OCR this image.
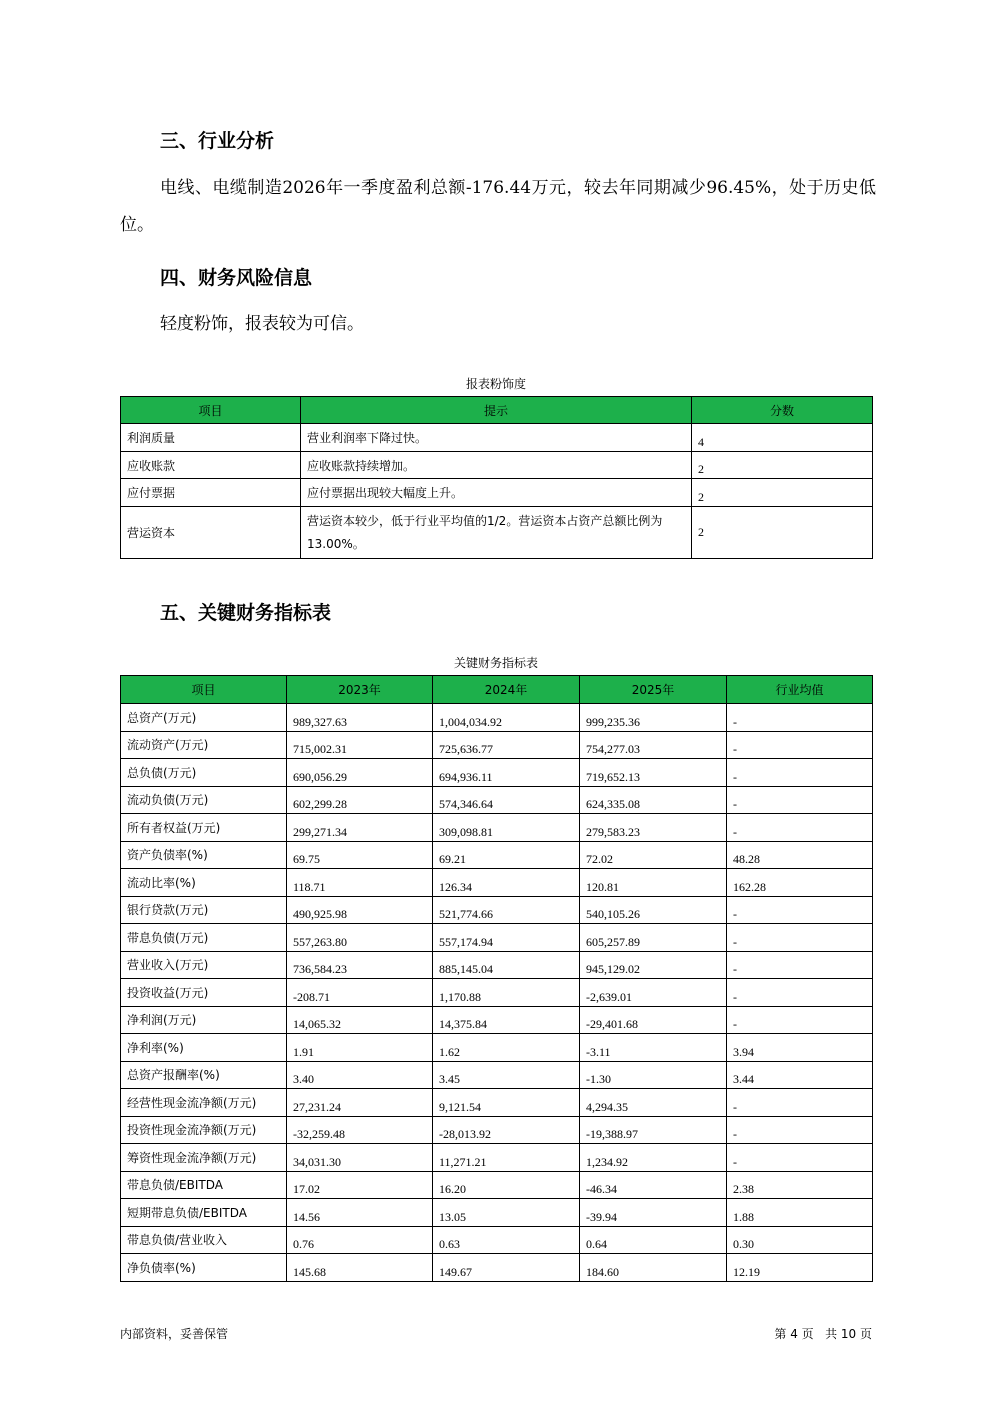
三、行业分析

电线、电缆制造2026年一季度盈利总额-176.44万元，较去年同期减少96.45%，处于历史低位。

四、财务风险信息

轻度粉饰，报表较为可信。

报表粉饰度
项目	提示	分数
利润质量	营业利润率下降过快。	4
应收账款	应收账款持续增加。	2
应付票据	应付票据出现较大幅度上升。	2
营运资本	营运资本较少，低于行业平均值的1/2。营运资本占资产总额比例为13.00%。	2
五、关键财务指标表
关键财务指标表
项目	2023年	2024年	2025年	行业均值
总资产(万元)	989,327.63	1,004,034.92	999,235.36	-
流动资产(万元)	715,002.31	725,636.77	754,277.03	-
总负债(万元)	690,056.29	694,936.11	719,652.13	-
流动负债(万元)	602,299.28	574,346.64	624,335.08	-
所有者权益(万元)	299,271.34	309,098.81	279,583.23	-
资产负债率(%)	69.75	69.21	72.02	48.28
流动比率(%)	118.71	126.34	120.81	162.28
银行贷款(万元)	490,925.98	521,774.66	540,105.26	-
带息负债(万元)	557,263.80	557,174.94	605,257.89	-
营业收入(万元)	736,584.23	885,145.04	945,129.02	-
投资收益(万元)	-208.71	1,170.88	-2,639.01	-
净利润(万元)	14,065.32	14,375.84	-29,401.68	-
净利率(%)	1.91	1.62	-3.11	3.94
总资产报酬率(%)	3.40	3.45	-1.30	3.44
经营性现金流净额(万元)	27,231.24	9,121.54	4,294.35	-
投资性现金流净额(万元)	-32,259.48	-28,013.92	-19,388.97	-
筹资性现金流净额(万元)	34,031.30	11,271.21	1,234.92	-
带息负债/EBITDA	17.02	16.20	-46.34	2.38
短期带息负债/EBITDA	14.56	13.05	-39.94	1.88
带息负债/营业收入	0.76	0.63	0.64	0.30
净负债率(%)	145.68	149.67	184.60	12.19
内部资料，妥善保管	第 4 页   共 10 页
